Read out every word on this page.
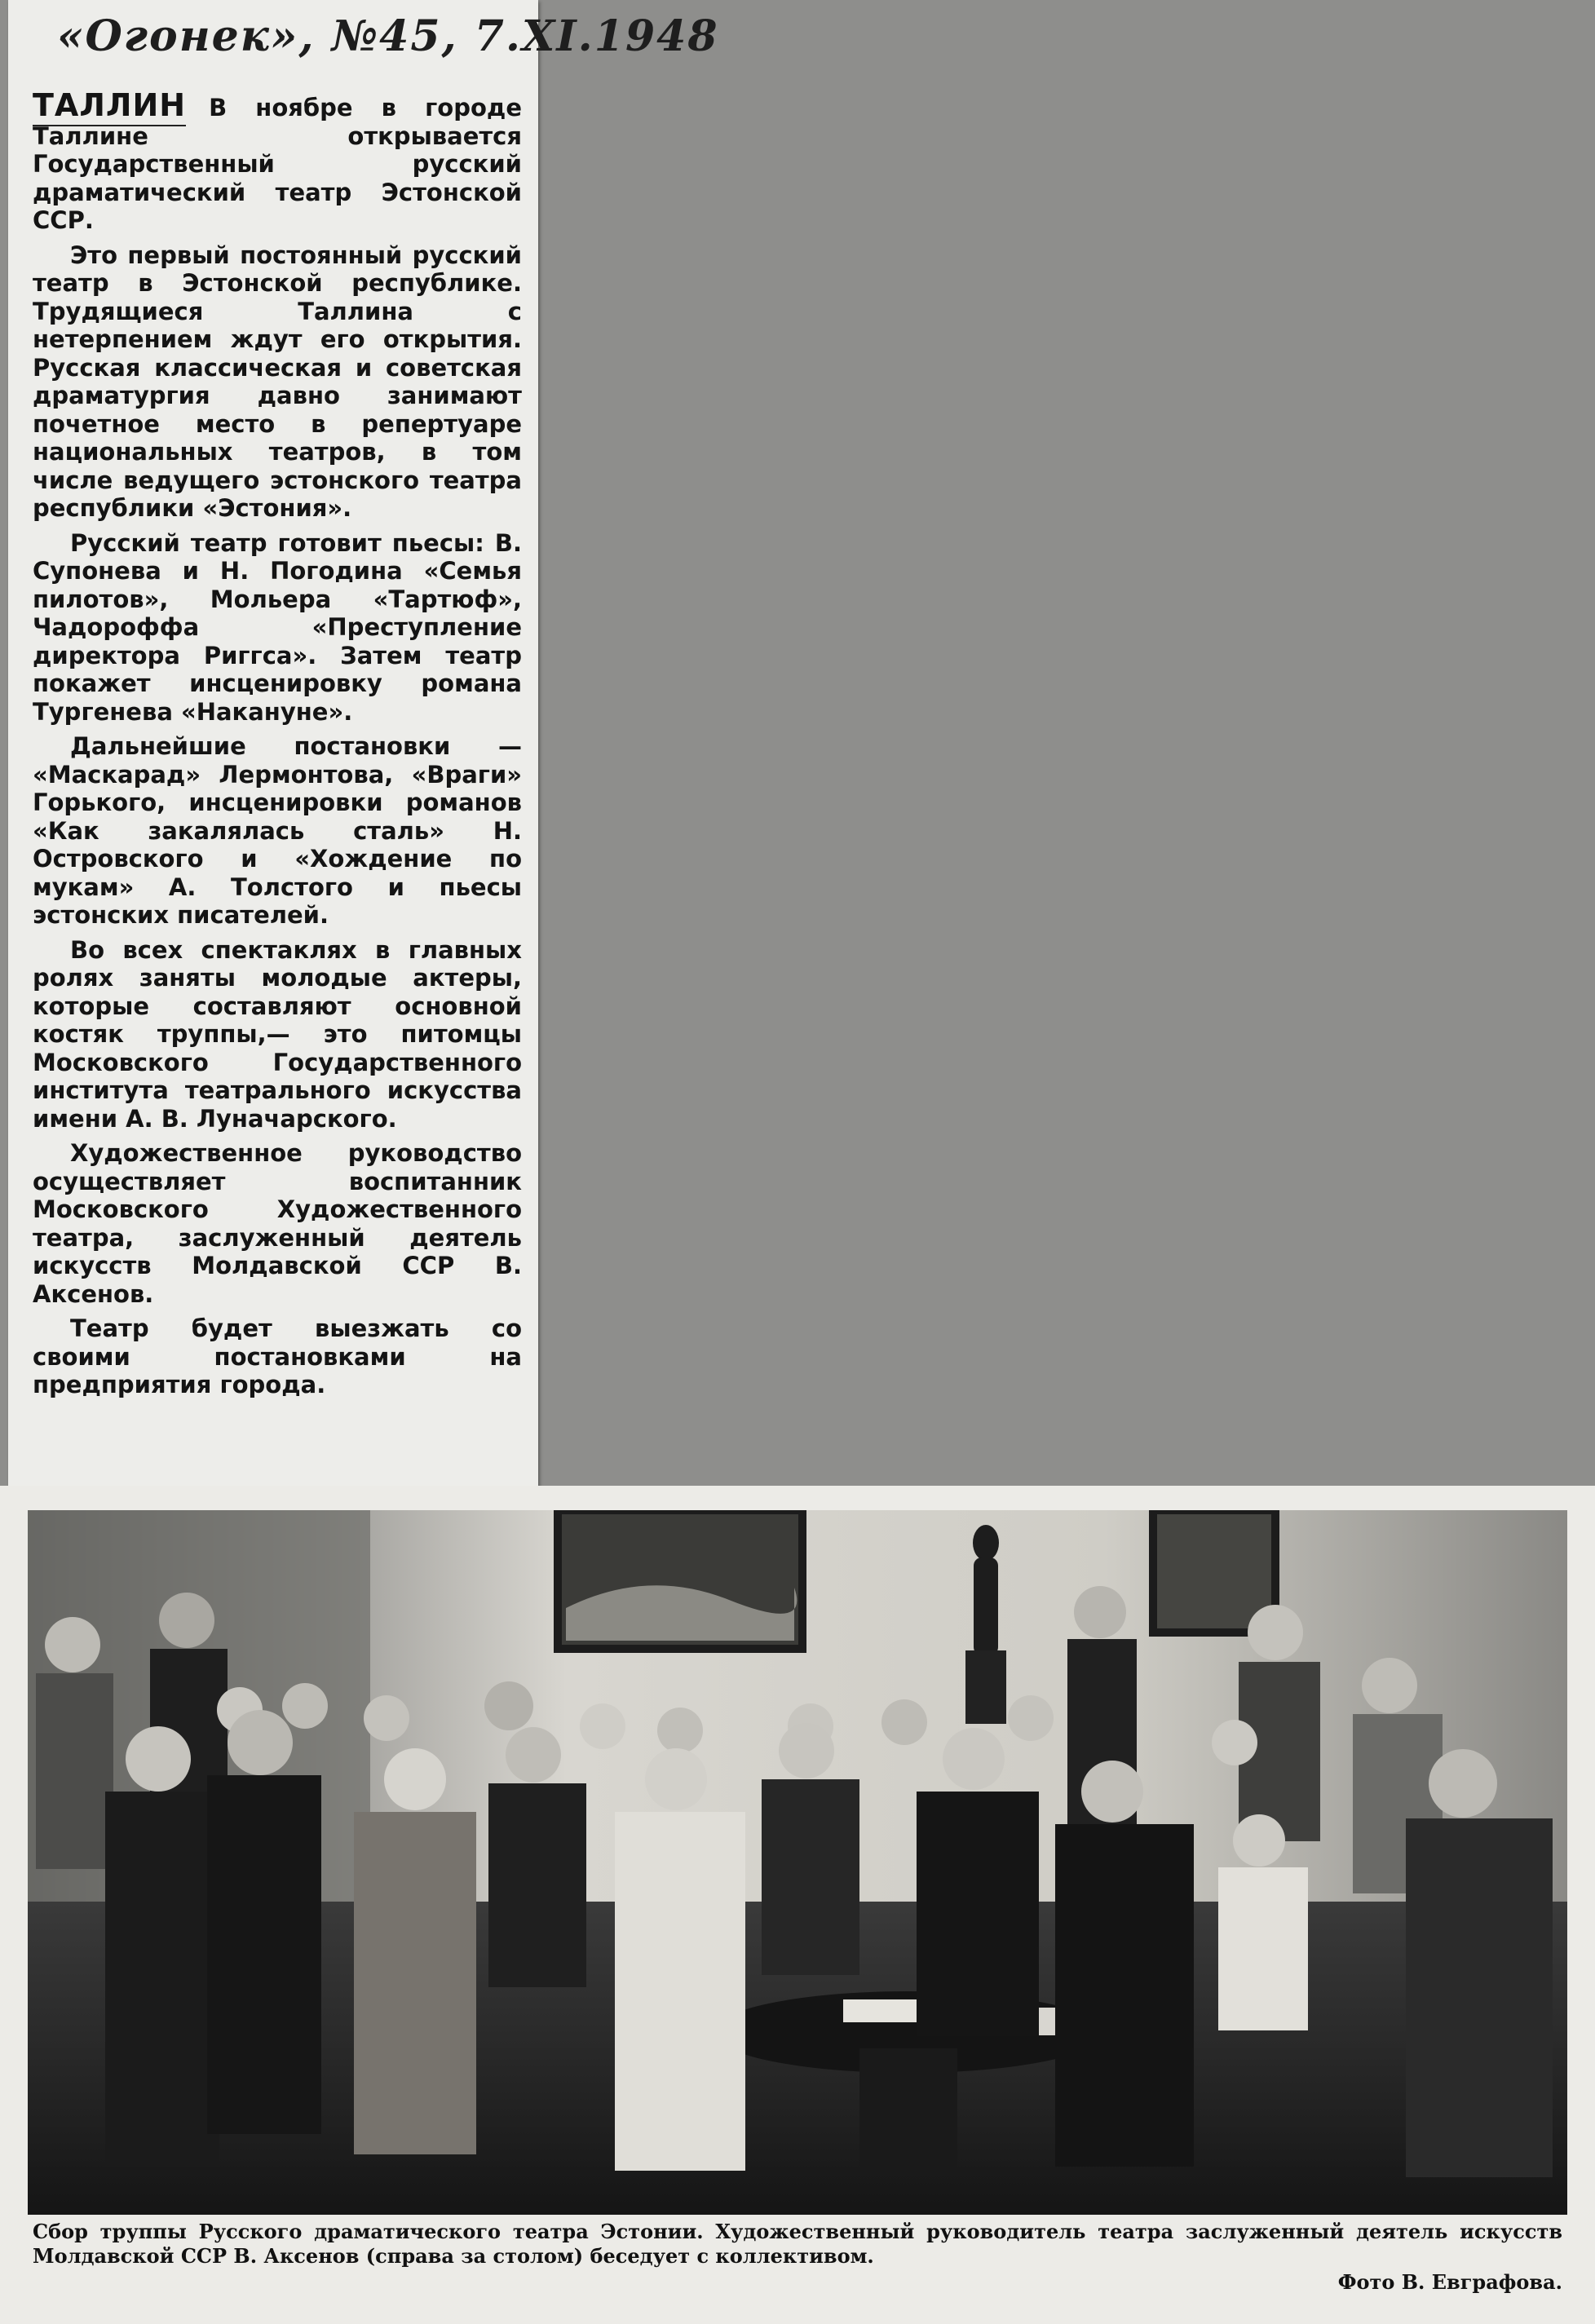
«Огонек», №45, 7.XI.1948

ТАЛЛИН В ноябре в городе Таллине открывается Государственный русский драматический театр Эстонской ССР.

Это первый постоянный русский театр в Эстонской республике. Трудящиеся Таллина с нетерпением ждут его открытия. Русская классическая и советская драматургия давно занимают почетное место в репертуаре национальных театров, в том числе ведущего эстонского театра республики «Эстония».

Русский театр готовит пьесы: В. Супонева и Н. Погодина «Семья пилотов», Мольера «Тартюф», Чадороффа «Преступление директора Риггса». Затем театр покажет инсценировку романа Тургенева «Накануне».

Дальнейшие постановки — «Маскарад» Лермонтова, «Враги» Горького, инсценировки романов «Как закалялась сталь» Н. Островского и «Хождение по мукам» А. Толстого и пьесы эстонских писателей.

Во всех спектаклях в главных ролях заняты молодые актеры, которые составляют основной костяк труппы,— это питомцы Московского Государственного института театрального искусства имени А. В. Луначарского.

Художественное руководство осуществляет воспитанник Московского Художественного театра, заслуженный деятель искусств Молдавской ССР В. Аксенов.

Театр будет выезжать со своими постановками на предприятия города.

Сбор труппы Русского драматического театра Эстонии. Художественный руководитель театра заслуженный деятель искусств Молдавской ССР В. Аксенов (справа за столом) беседует с коллективом.
Фото В. Евграфова.
